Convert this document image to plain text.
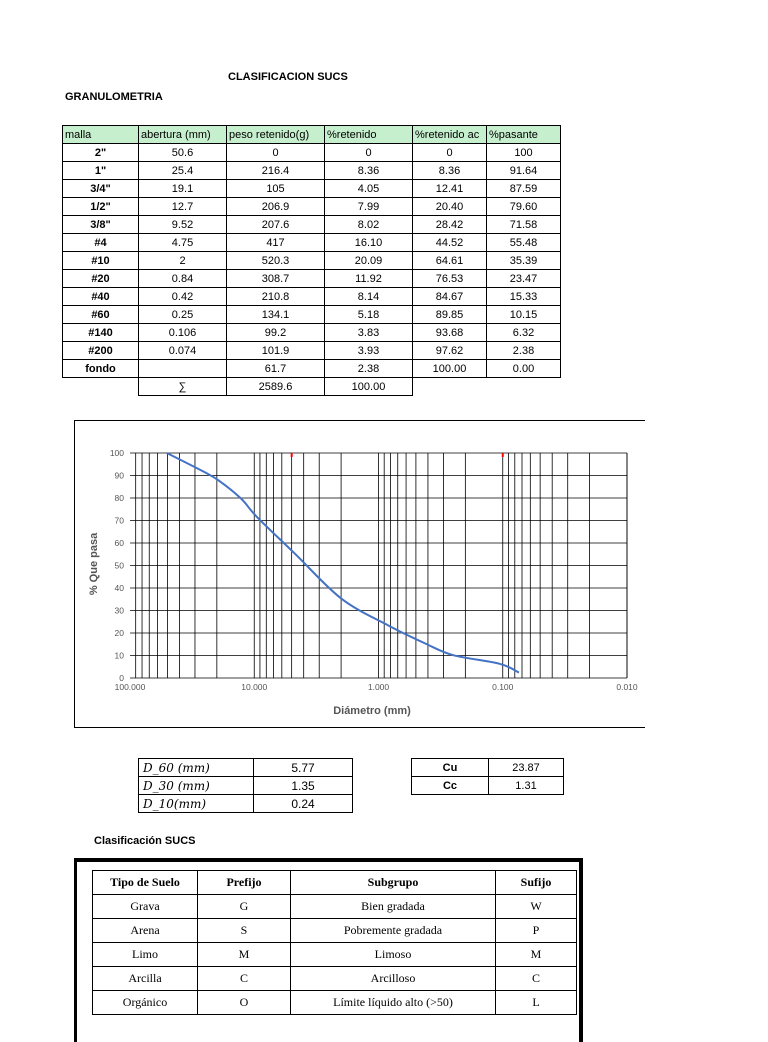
CLASIFICACION SUCS
GRANULOMETRIA
malla	abertura (mm)	peso retenido(g)	%retenido	%retenido ac	%pasante
2"	50.6	0	0	0	100
1"	25.4	216.4	8.36	8.36	91.64
3/4"	19.1	105	4.05	12.41	87.59
1/2"	12.7	206.9	7.99	20.40	79.60
3/8"	9.52	207.6	8.02	28.42	71.58
#4	4.75	417	16.10	44.52	55.48
#10	2	520.3	20.09	64.61	35.39
#20	0.84	308.7	11.92	76.53	23.47
#40	0.42	210.8	8.14	84.67	15.33
#60	0.25	134.1	5.18	89.85	10.15
#140	0.106	99.2	3.83	93.68	6.32
#200	0.074	101.9	3.93	97.62	2.38
fondo		61.7	2.38	100.00	0.00
	∑	2589.6	100.00		
0
10
20
30
40
50
60
70
80
90
100
100.000	10.000	1.000	0.100	0.010
% Que pasa
Diámetro (mm)
D_60 (mm)	5.77
D_30 (mm)	1.35
D_10(mm)	0.24
Cu	23.87
Cc	1.31
Clasificación SUCS
Tipo de Suelo	Prefijo	Subgrupo	Sufijo
Grava	G	Bien gradada	W
Arena	S	Pobremente gradada	P
Limo	M	Limoso	M
Arcilla	C	Arcilloso	C
Orgánico	O	Límite líquido alto (>50)	L
